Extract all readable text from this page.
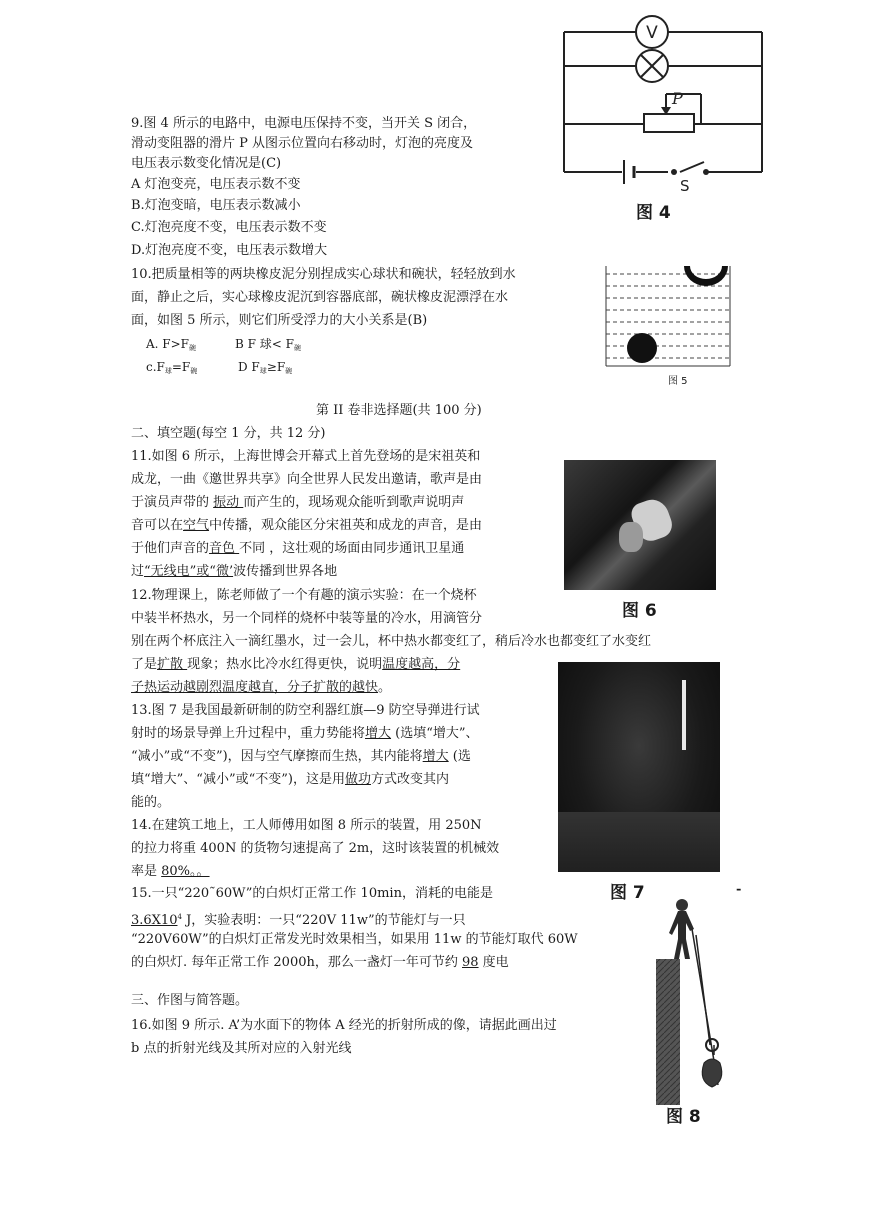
V
P
S
图 4
9.图 4 所示的电路中，电源电压保持不变，当开关 S 闭合，
滑动变阻器的滑片 P 从图示位置向右移动时，灯泡的亮度及
电压表示数变化情况是(C)
A 灯泡变亮，电压表示数不变
B.灯泡变暗，电压表示数减小
C.灯泡亮度不变，电压表示数不变
D.灯泡亮度不变，电压表示数增大
图 5
10.把质量相等的两块橡皮泥分别捏成实心球状和碗状，轻轻放到水
面，静止之后，实心球橡皮泥沉到容器底部，碗状橡皮泥漂浮在水
面，如图 5 所示，则它们所受浮力的大小关系是(B)
A. $F>F_碗$	B F 球< $F_碗$
$c.F_球=F_碗$	D $F_球\ge F_碗$
第 II 卷非选择题(共 100 分)
二、填空题(每空 1 分，共 12 分)
图 6
11.如图 6 所示，上海世博会开幕式上首先登场的是宋祖英和
成龙，一曲《邀世界共享》向全世界人民发出邀请，歌声是由
于演员声带的 振动 而产生的，现场观众能听到歌声说明声
音可以在空气中传播，观众能区分宋祖英和成龙的声音，是由
于他们声音的音色 不同 ，这壮观的场面由同步通讯卫星通
过“无线电”或“微’波传播到世界各地
12.物理课上，陈老师做了一个有趣的演示实验：在一个烧杯
中装半杯热水，另一个同样的烧杯中装等量的冷水，用滴管分
别在两个杯底注入一滴红墨水，过一会儿，杯中热水都变红了，稍后冷水也都变红了水变红
了是扩散 现象；热水比冷水红得更快，说明温度越高，分
子热运动越剧烈温度越直，分子扩散的越快。
图 7	-
13.图 7 是我国最新研制的防空利器红旗—9 防空导弹进行试
射时的场景导弹上升过程中，重力势能将增大 (选填“增大”、
“减小”或“不变”)，因与空气摩擦而生热，其内能将增大 (选
填“增大”、“减小”或“不变”)，这是用做功方式改变其内
能的。
14.在建筑工地上，工人师傅用如图 8 所示的装置，用 250N
的拉力将重 400N 的货物匀速提高了 2m，这时该装置的机械效
率是 80%。。
15.一只“220˜60W”的白炽灯正常工作 10min，消耗的电能是
$3.6X10^4$ J，实验表明：一只“220V 11w”的节能灯与一只
“220V60W”的白炽灯正常发光时效果相当，如果用 11w 的节能灯取代 60W
的白炽灯. 每年正常工作 2000h，那么一盏灯一年可节约 98 度电
图 8
三、作图与简答题。
16.如图 9 所示. A’为水面下的物体 A 经光的折射所成的像，请据此画出过
b 点的折射光线及其所对应的入射光线
